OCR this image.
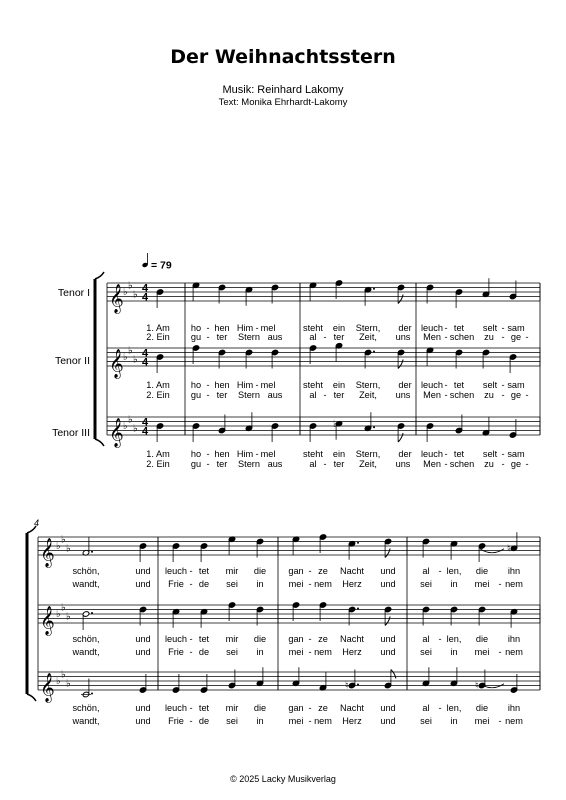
Der Weihnachtsstern
Musik: Reinhard Lakomy
Text: Monika Ehrhardt-Lakomy
Tenor I
Tenor II
Tenor III
= 79
𝄞 ♭
♭
♭
4
4
𝄞 ♭
♭
♭
4
4
𝄞 ♭
♭
♭
4
4
♭
1. Am ho - hen Him - mel	steht ein Stern, der leuch - tet selt - sam
2. Ein gu - ter Stern aus	al - ter Zeit, uns Men - schen zu - ge -
1. Am ho - hen Him - mel	steht ein Stern, der leuch - tet selt - sam
2. Ein gu - ter Stern aus	al - ter Zeit, uns Men - schen zu - ge -
1. Am ho - hen Him - mel	steht ein Stern, der leuch - tet selt - sam
2. Ein gu - ter Stern aus	al - ter Zeit, uns Men - schen zu - ge -
4
𝄞 ♭
♭
♭
𝄞 ♭
♭
♭
𝄞 ♭
♭
♭
♮
♮	♮
schön,	und leuch - tet mir die gan - ze Nacht und	al - len, die ihn
wandt,	und Frie - de sei in	mei - nem Herz und	sei in mei - nem
schön,	und leuch - tet mir die gan - ze Nacht und	al - len, die ihn
wandt,	und Frie - de sei in	mei - nem Herz und	sei in mei - nem
schön,	und leuch - tet mir die gan - ze Nacht und	al - len, die ihn
wandt,	und Frie - de sei in	mei - nem Herz und	sei in mei - nem
© 2025 Lacky Musikverlag
